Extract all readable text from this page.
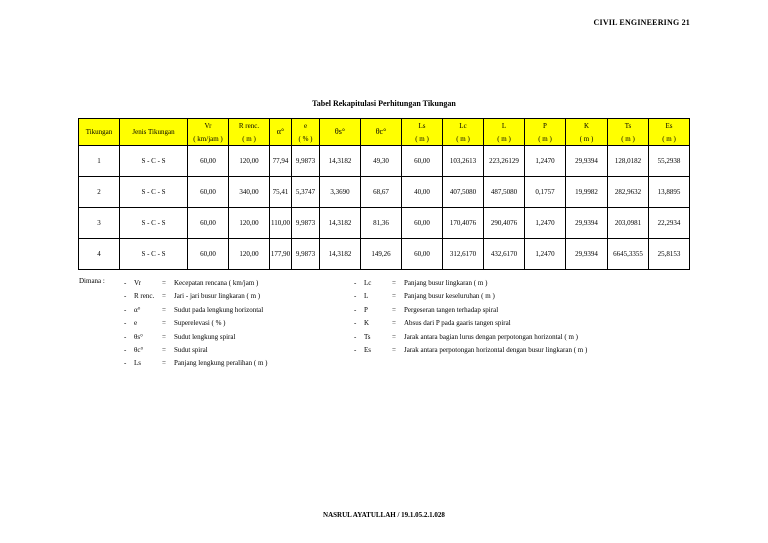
CIVIL ENGINEERING 21
Tabel Rekapitulasi Perhitungan Tikungan
Tikungan	Jenis Tikungan	Vr	R renc.	α°	e	θs°	θc°	Ls	Lc	L	P	K	Ts	Es
		( km/jam )	( m )		( % )			( m )	( m )	( m )	( m )	( m )	( m )	( m )
1	S - C - S	60,00	120,00	77,94	9,9873	14,3182	49,30	60,00	103,2613	223,26129	1,2470	29,9394	128,0182	55,2938
2	S - C - S	60,00	340,00	75,41	5,3747	3,3690	68,67	40,00	407,5080	487,5080	0,1757	19,9982	282,9632	13,8895
3	S - C - S	60,00	120,00	110,00	9,9873	14,3182	81,36	60,00	170,4076	290,4076	1,2470	29,9394	203,0981	22,2934
4	S - C - S	60,00	120,00	177,90	9,9873	14,3182	149,26	60,00	312,6170	432,6170	1,2470	29,9394	6645,3355	25,8153
Dimana :	-	Vr	=	Kecepatan rencana ( km/jam )
-	R renc.	=	Jari - jari busur lingkaran ( m )
-	α°	=	Sudut pada lengkung horizontal
-	e	=	Superelevasi ( % )
-	θs°	=	Sudut lengkung spiral
-	θc°	=	Sudut spiral
-	Ls	=	Panjang lengkung peralihan ( m )
-	Lc	=	Panjang busur lingkaran ( m )
-	L	=	Panjang busur keseluruhan ( m )
-	P	=	Pergeseran tangen terhadap spiral
-	K	=	Absus dari P pada gaaris tangen spiral
-	Ts	=	Jarak antara bagian lurus dengan perpotongan horizontal ( m )
-	Es	=	Jarak antara perpotongan horizontal dengan busur lingkaran ( m )
NASRUL AYATULLAH / 19.1.05.2.1.028
